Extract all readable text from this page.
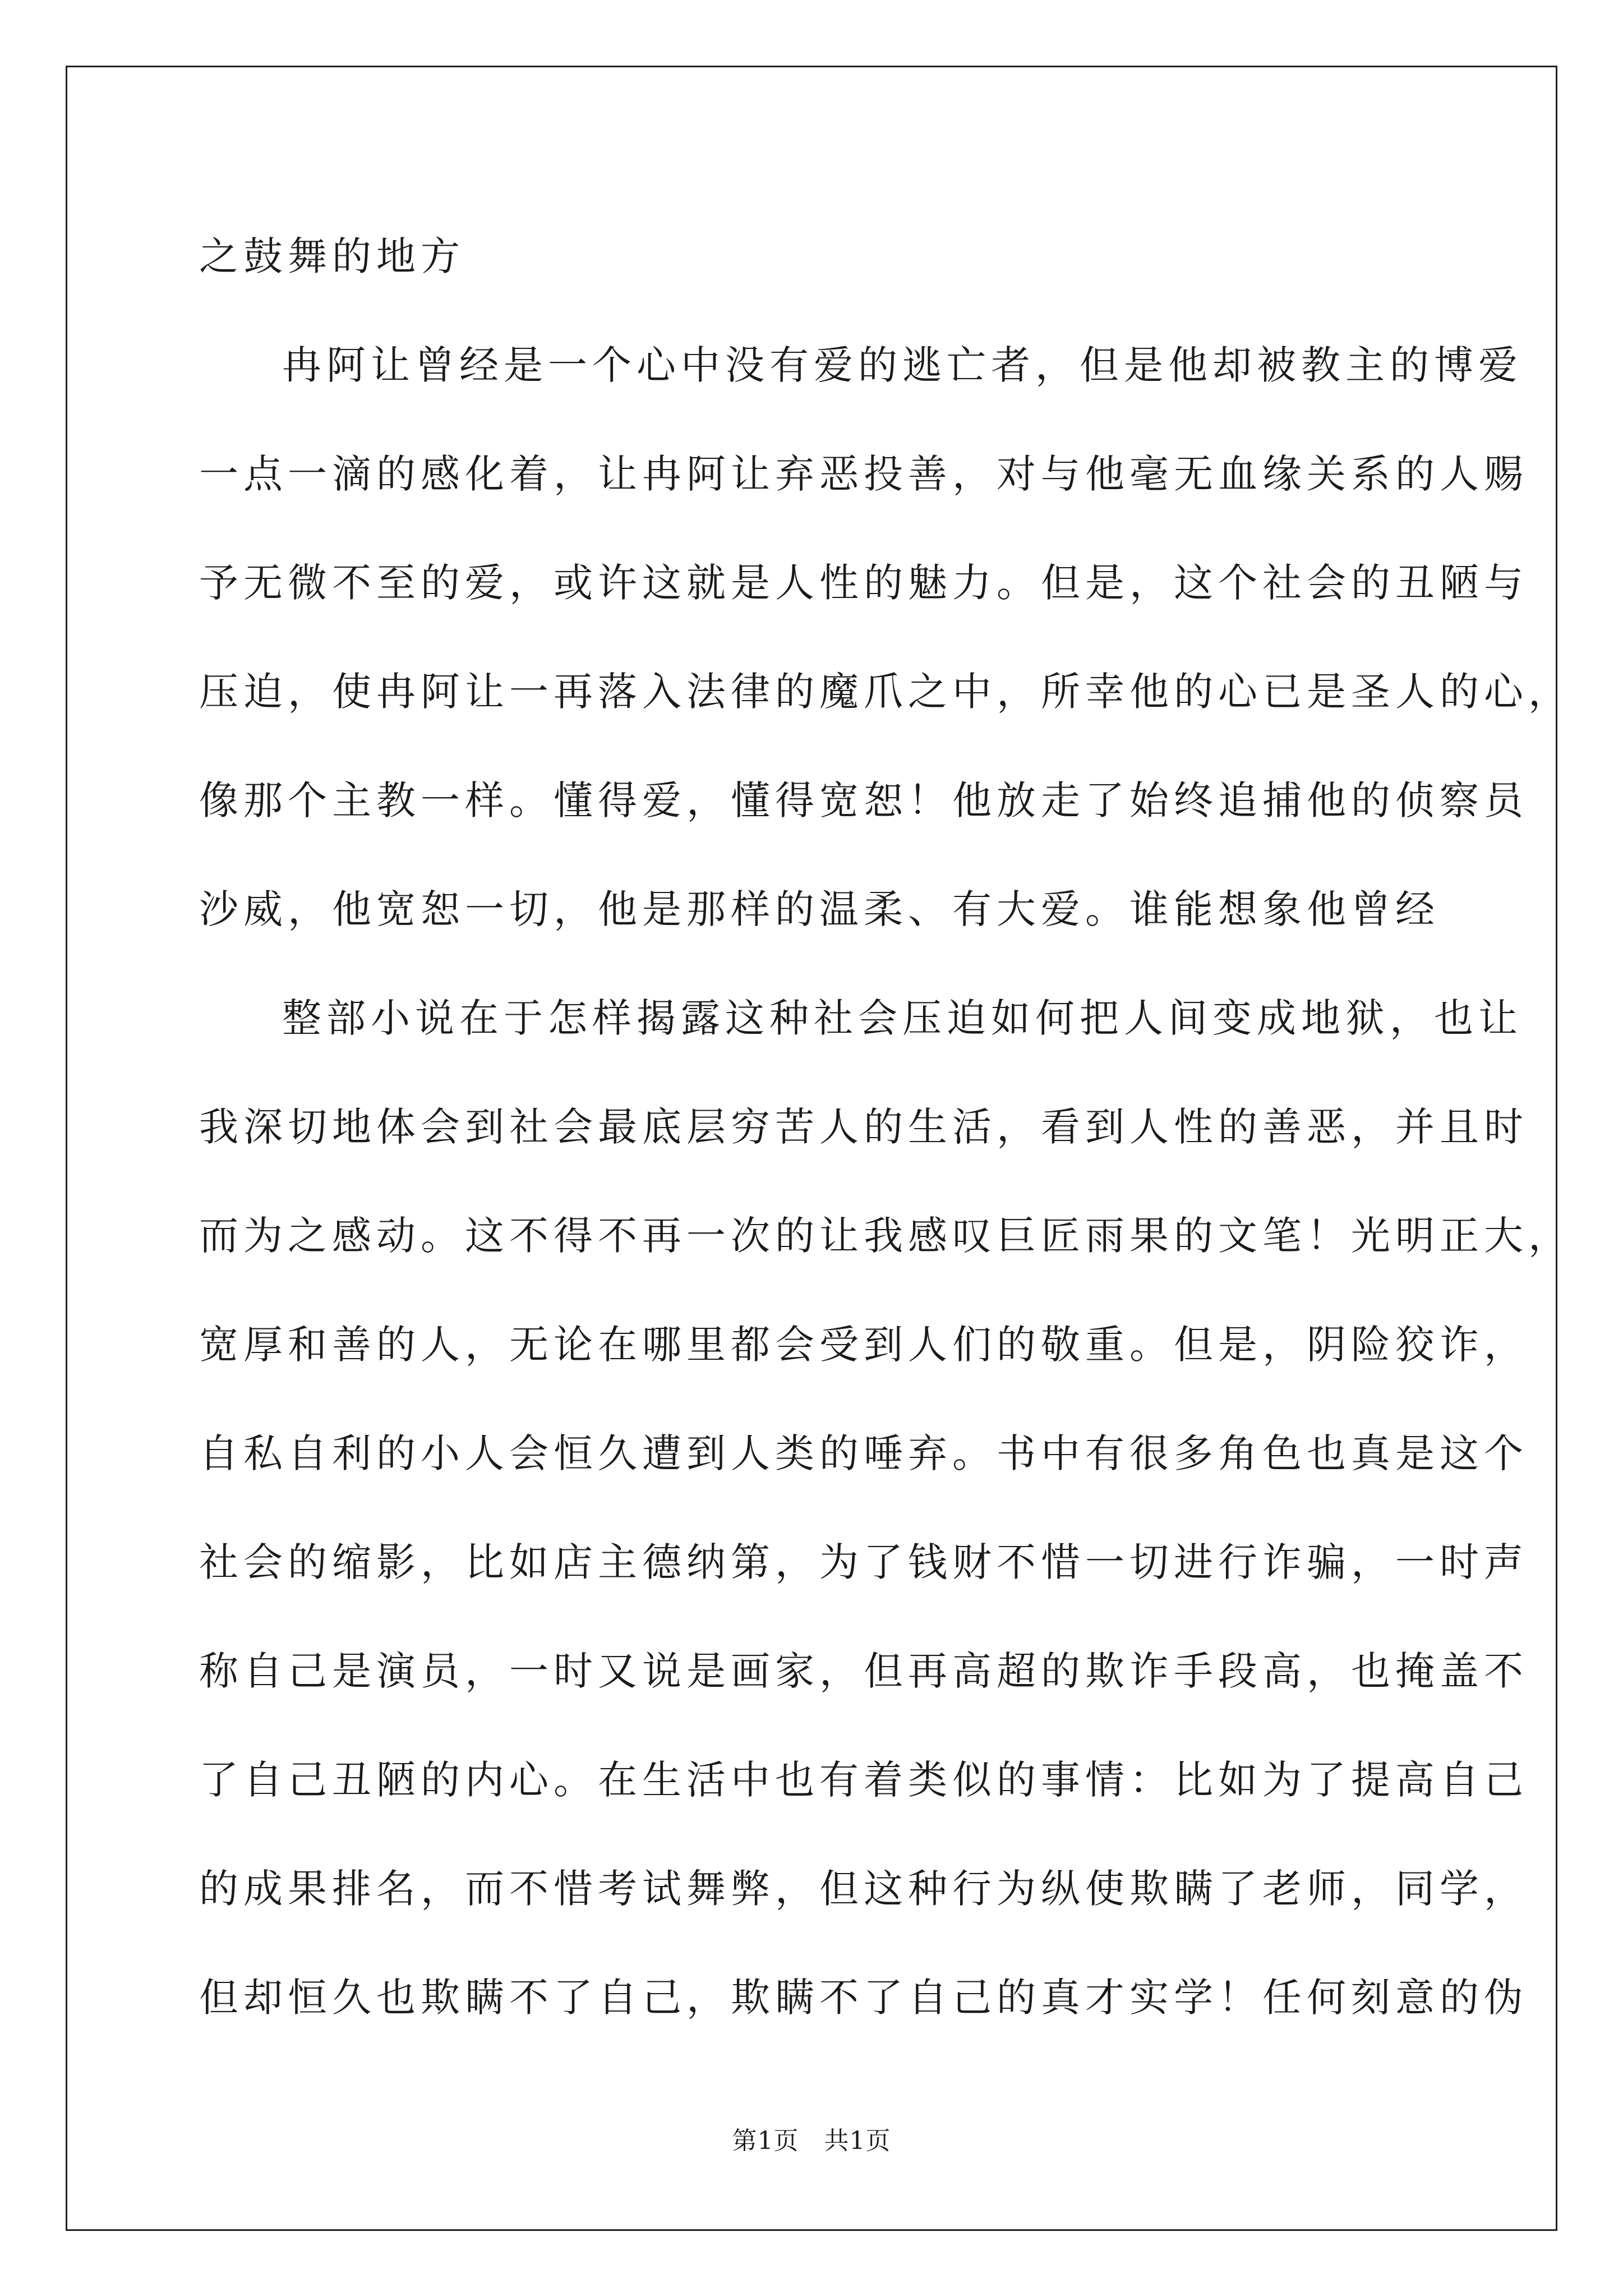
之鼓舞的地方
冉阿让曾经是一个心中没有爱的逃亡者，但是他却被教主的博爱
一点一滴的感化着，让冉阿让弃恶投善，对与他毫无血缘关系的人赐
予无微不至的爱，或许这就是人性的魅力。但是，这个社会的丑陋与
压迫，使冉阿让一再落入法律的魔爪之中，所幸他的心已是圣人的心，
像那个主教一样。懂得爱，懂得宽恕！他放走了始终追捕他的侦察员
沙威，他宽恕一切，他是那样的温柔、有大爱。谁能想象他曾经
整部小说在于怎样揭露这种社会压迫如何把人间变成地狱，也让
我深切地体会到社会最底层穷苦人的生活，看到人性的善恶，并且时
而为之感动。这不得不再一次的让我感叹巨匠雨果的文笔！光明正大，
宽厚和善的人，无论在哪里都会受到人们的敬重。但是，阴险狡诈，
自私自利的小人会恒久遭到人类的唾弃。书中有很多角色也真是这个
社会的缩影，比如店主德纳第，为了钱财不惜一切进行诈骗，一时声
称自己是演员，一时又说是画家，但再高超的欺诈手段高，也掩盖不
了自己丑陋的内心。在生活中也有着类似的事情：比如为了提高自己
的成果排名，而不惜考试舞弊，但这种行为纵使欺瞒了老师，同学，
但却恒久也欺瞒不了自己，欺瞒不了自己的真才实学！任何刻意的伪
第1页　共1页
